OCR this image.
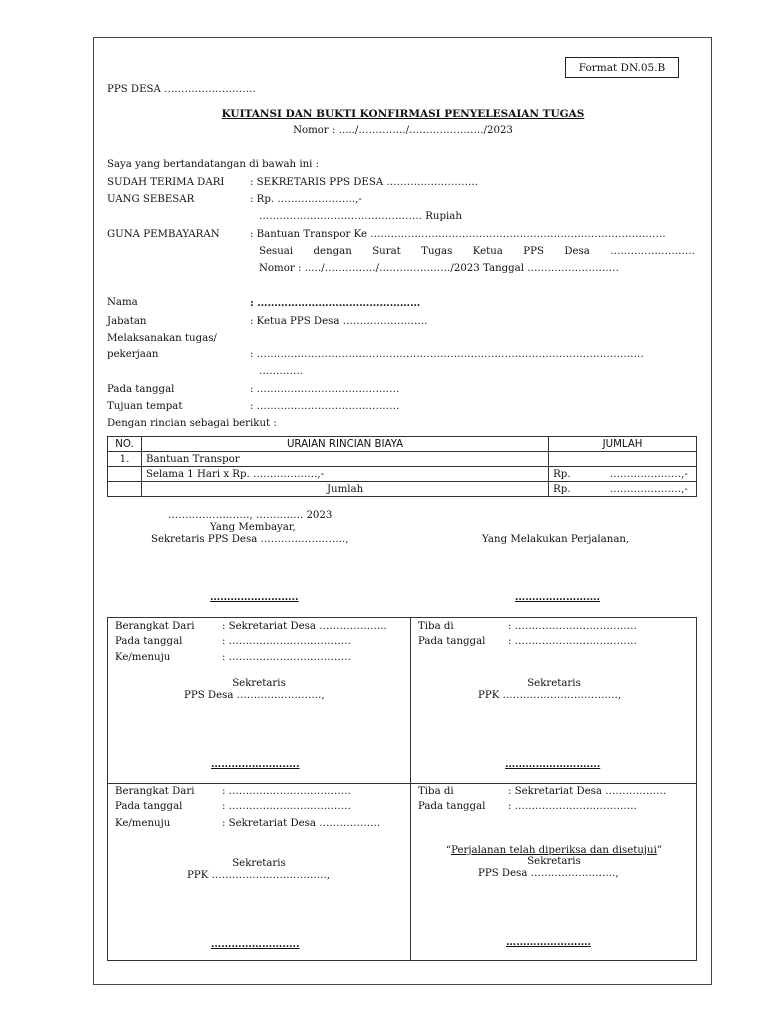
Format DN.05.B
PPS DESA ………………………
KUITANSI DAN BUKTI KONFIRMASI PENYELESAIAN TUGAS
Nomor : ...../…………../…………………./2023
Saya yang bertandatangan di bawah ini :
SUDAH TERIMA DARI	: SEKRETARIS PPS DESA ………………………
UANG SEBESAR	: Rp. …………………..,-
………………………………………… Rupiah
GUNA PEMBAYARAN	: Bantuan Transpor Ke ……………………………………………………………………………
Sesuai dengan Surat Tugas Ketua PPS Desa …………………….
Nomor : ..…/……………/…………………/2023 Tanggal ………………………
Nama	: …………………………………………
Jabatan	: Ketua PPS Desa …………………….
Melaksanakan tugas/
pekerjaan	: ……………………………………………………………………………………………………
………….
Pada tanggal	: ……………………………………
Tujuan tempat	: ……………………………………
Dengan rincian sebagai berikut :
NO.	URAIAN RINCIAN BIAYA	JUMLAH
1.	Bantuan Transpor	
	Selama 1 Hari x Rp. ……………….,-	Rp. …………………,-
	Jumlah	Rp. …………………,-
……………………, ………….. 2023
Yang Membayar,
Sekretaris PPS Desa …………………….,	Yang Melakukan Perjalanan,
……………………..	…………………….
Berangkat Dari	: Sekretariat Desa ………………..
Pada tanggal	: ………………………………
Ke/menuju	: ………………………………
Sekretaris
PPS Desa …………………….,
……………………..
Tiba di	: ………………………………
Pada tanggal : ………………………………
Sekretaris
PPK …………………………….,
……………………….
Berangkat Dari	: ………………………………
Pada tanggal	: ………………………………
Ke/menuju	: Sekretariat Desa ………………
Sekretaris
PPK …………………………….,
……………………..
Tiba di	: Sekretariat Desa ………………
Pada tanggal : ………………………………
“Perjalanan telah diperiksa dan disetujui”
Sekretaris
PPS Desa …………………….,
…………………….
